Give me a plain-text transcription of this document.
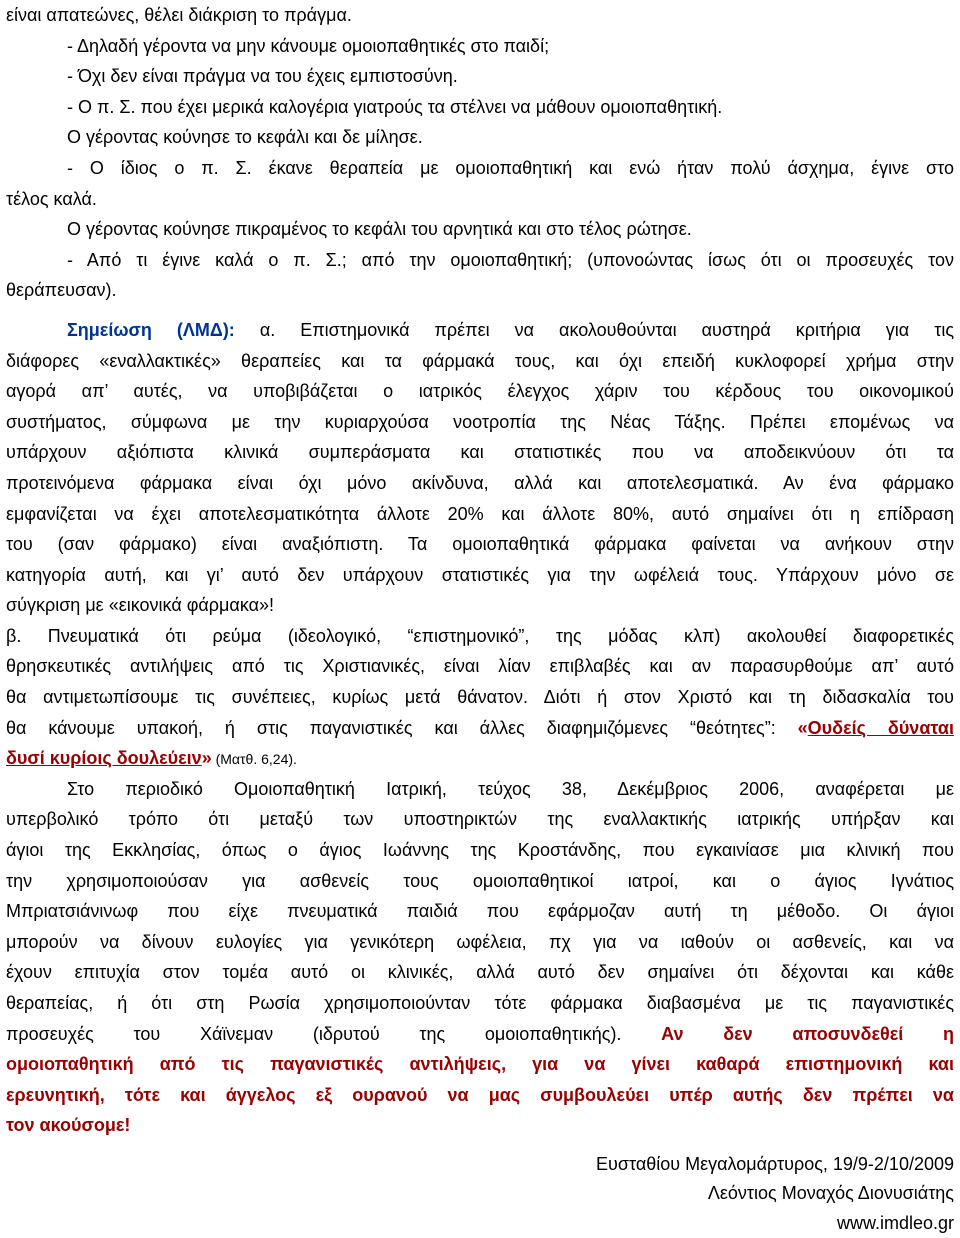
είναι απατεώνες, θέλει διάκριση το πράγμα.
- Δηλαδή γέροντα να μην κάνουμε ομοιοπαθητικές στο παιδί;
- Όχι δεν είναι πράγμα να του έχεις εμπιστοσύνη.
- Ο π. Σ. που έχει μερικά καλογέρια γιατρούς τα στέλνει να μάθουν ομοιοπαθητική.
Ο γέροντας κούνησε το κεφάλι και δε μίλησε.
- Ο ίδιος ο π. Σ. έκανε θεραπεία με ομοιοπαθητική και ενώ ήταν πολύ άσχημα, έγινε στο
τέλος καλά.
Ο γέροντας κούνησε πικραμένος το κεφάλι του αρνητικά και στο τέλος ρώτησε.
- Από τι έγινε καλά ο π. Σ.; από την ομοιοπαθητική; (υπονοώντας ίσως ότι οι προσευχές τον
θεράπευσαν).
Σημείωση (ΛΜΔ): α. Επιστημονικά πρέπει να ακολουθούνται αυστηρά κριτήρια για τις
διάφορες «εναλλακτικές» θεραπείες και τα φάρμακά τους, και όχι επειδή κυκλοφορεί χρήμα στην
αγορά απ’ αυτές, να υποβιβάζεται ο ιατρικός έλεγχος χάριν του κέρδους του οικονομικού
συστήματος, σύμφωνα με την κυριαρχούσα νοοτροπία της Νέας Τάξης. Πρέπει επομένως να
υπάρχουν αξιόπιστα κλινικά συμπεράσματα και στατιστικές που να αποδεικνύουν ότι τα
προτεινόμενα φάρμακα είναι όχι μόνο ακίνδυνα, αλλά και αποτελεσματικά. Αν ένα φάρμακο
εμφανίζεται να έχει αποτελεσματικότητα άλλοτε 20% και άλλοτε 80%, αυτό σημαίνει ότι η επίδραση
του (σαν φάρμακο) είναι αναξιόπιστη. Τα ομοιοπαθητικά φάρμακα φαίνεται να ανήκουν στην
κατηγορία αυτή, και γι’ αυτό δεν υπάρχουν στατιστικές για την ωφέλειά τους. Υπάρχουν μόνο σε
σύγκριση με «εικονικά φάρμακα»!
β. Πνευματικά ότι ρεύμα (ιδεολογικό, “επιστημονικό”, της μόδας κλπ) ακολουθεί διαφορετικές
θρησκευτικές αντιλήψεις από τις Χριστιανικές, είναι λίαν επιβλαβές και αν παρασυρθούμε απ’ αυτό
θα αντιμετωπίσουμε τις συνέπειες, κυρίως μετά θάνατον. Διότι ή στον Χριστό και τη διδασκαλία του
θα κάνουμε υπακοή, ή στις παγανιστικές και άλλες διαφημιζόμενες “θεότητες”: «Ουδείς δύναται
δυσί κυρίοις δουλεύειν» (Ματθ. 6,24).
Στο περιοδικό Ομοιοπαθητική Ιατρική, τεύχος 38, Δεκέμβριος 2006, αναφέρεται με
υπερβολικό τρόπο ότι μεταξύ των υποστηρικτών της εναλλακτικής ιατρικής υπήρξαν και
άγιοι της Εκκλησίας, όπως ο άγιος Ιωάννης της Κροστάνδης, που εγκαινίασε μια κλινική που
την χρησιμοποιούσαν για ασθενείς τους ομοιοπαθητικοί ιατροί, και ο άγιος Ιγνάτιος
Μπριατσιάνινωφ που είχε πνευματικά παιδιά που εφάρμοζαν αυτή τη μέθοδο. Οι άγιοι
μπορούν να δίνουν ευλογίες για γενικότερη ωφέλεια, πχ για να ιαθούν οι ασθενείς, και να
έχουν επιτυχία στον τομέα αυτό οι κλινικές, αλλά αυτό δεν σημαίνει ότι δέχονται και κάθε
θεραπείας, ή ότι στη Ρωσία χρησιμοποιούνταν τότε φάρμακα διαβασμένα με τις παγανιστικές
προσευχές του Χάϊνεμαν (ιδρυτού της ομοιοπαθητικής). Αν δεν αποσυνδεθεί η
ομοιοπαθητική από τις παγανιστικές αντιλήψεις, για να γίνει καθαρά επιστημονική και
ερευνητική, τότε και άγγελος εξ ουρανού να μας συμβουλεύει υπέρ αυτής δεν πρέπει να
τον ακούσομε!
Ευσταθίου Μεγαλομάρτυρος, 19/9-2/10/2009
Λεόντιος Μοναχός Διονυσιάτης
www.imdleo.gr
